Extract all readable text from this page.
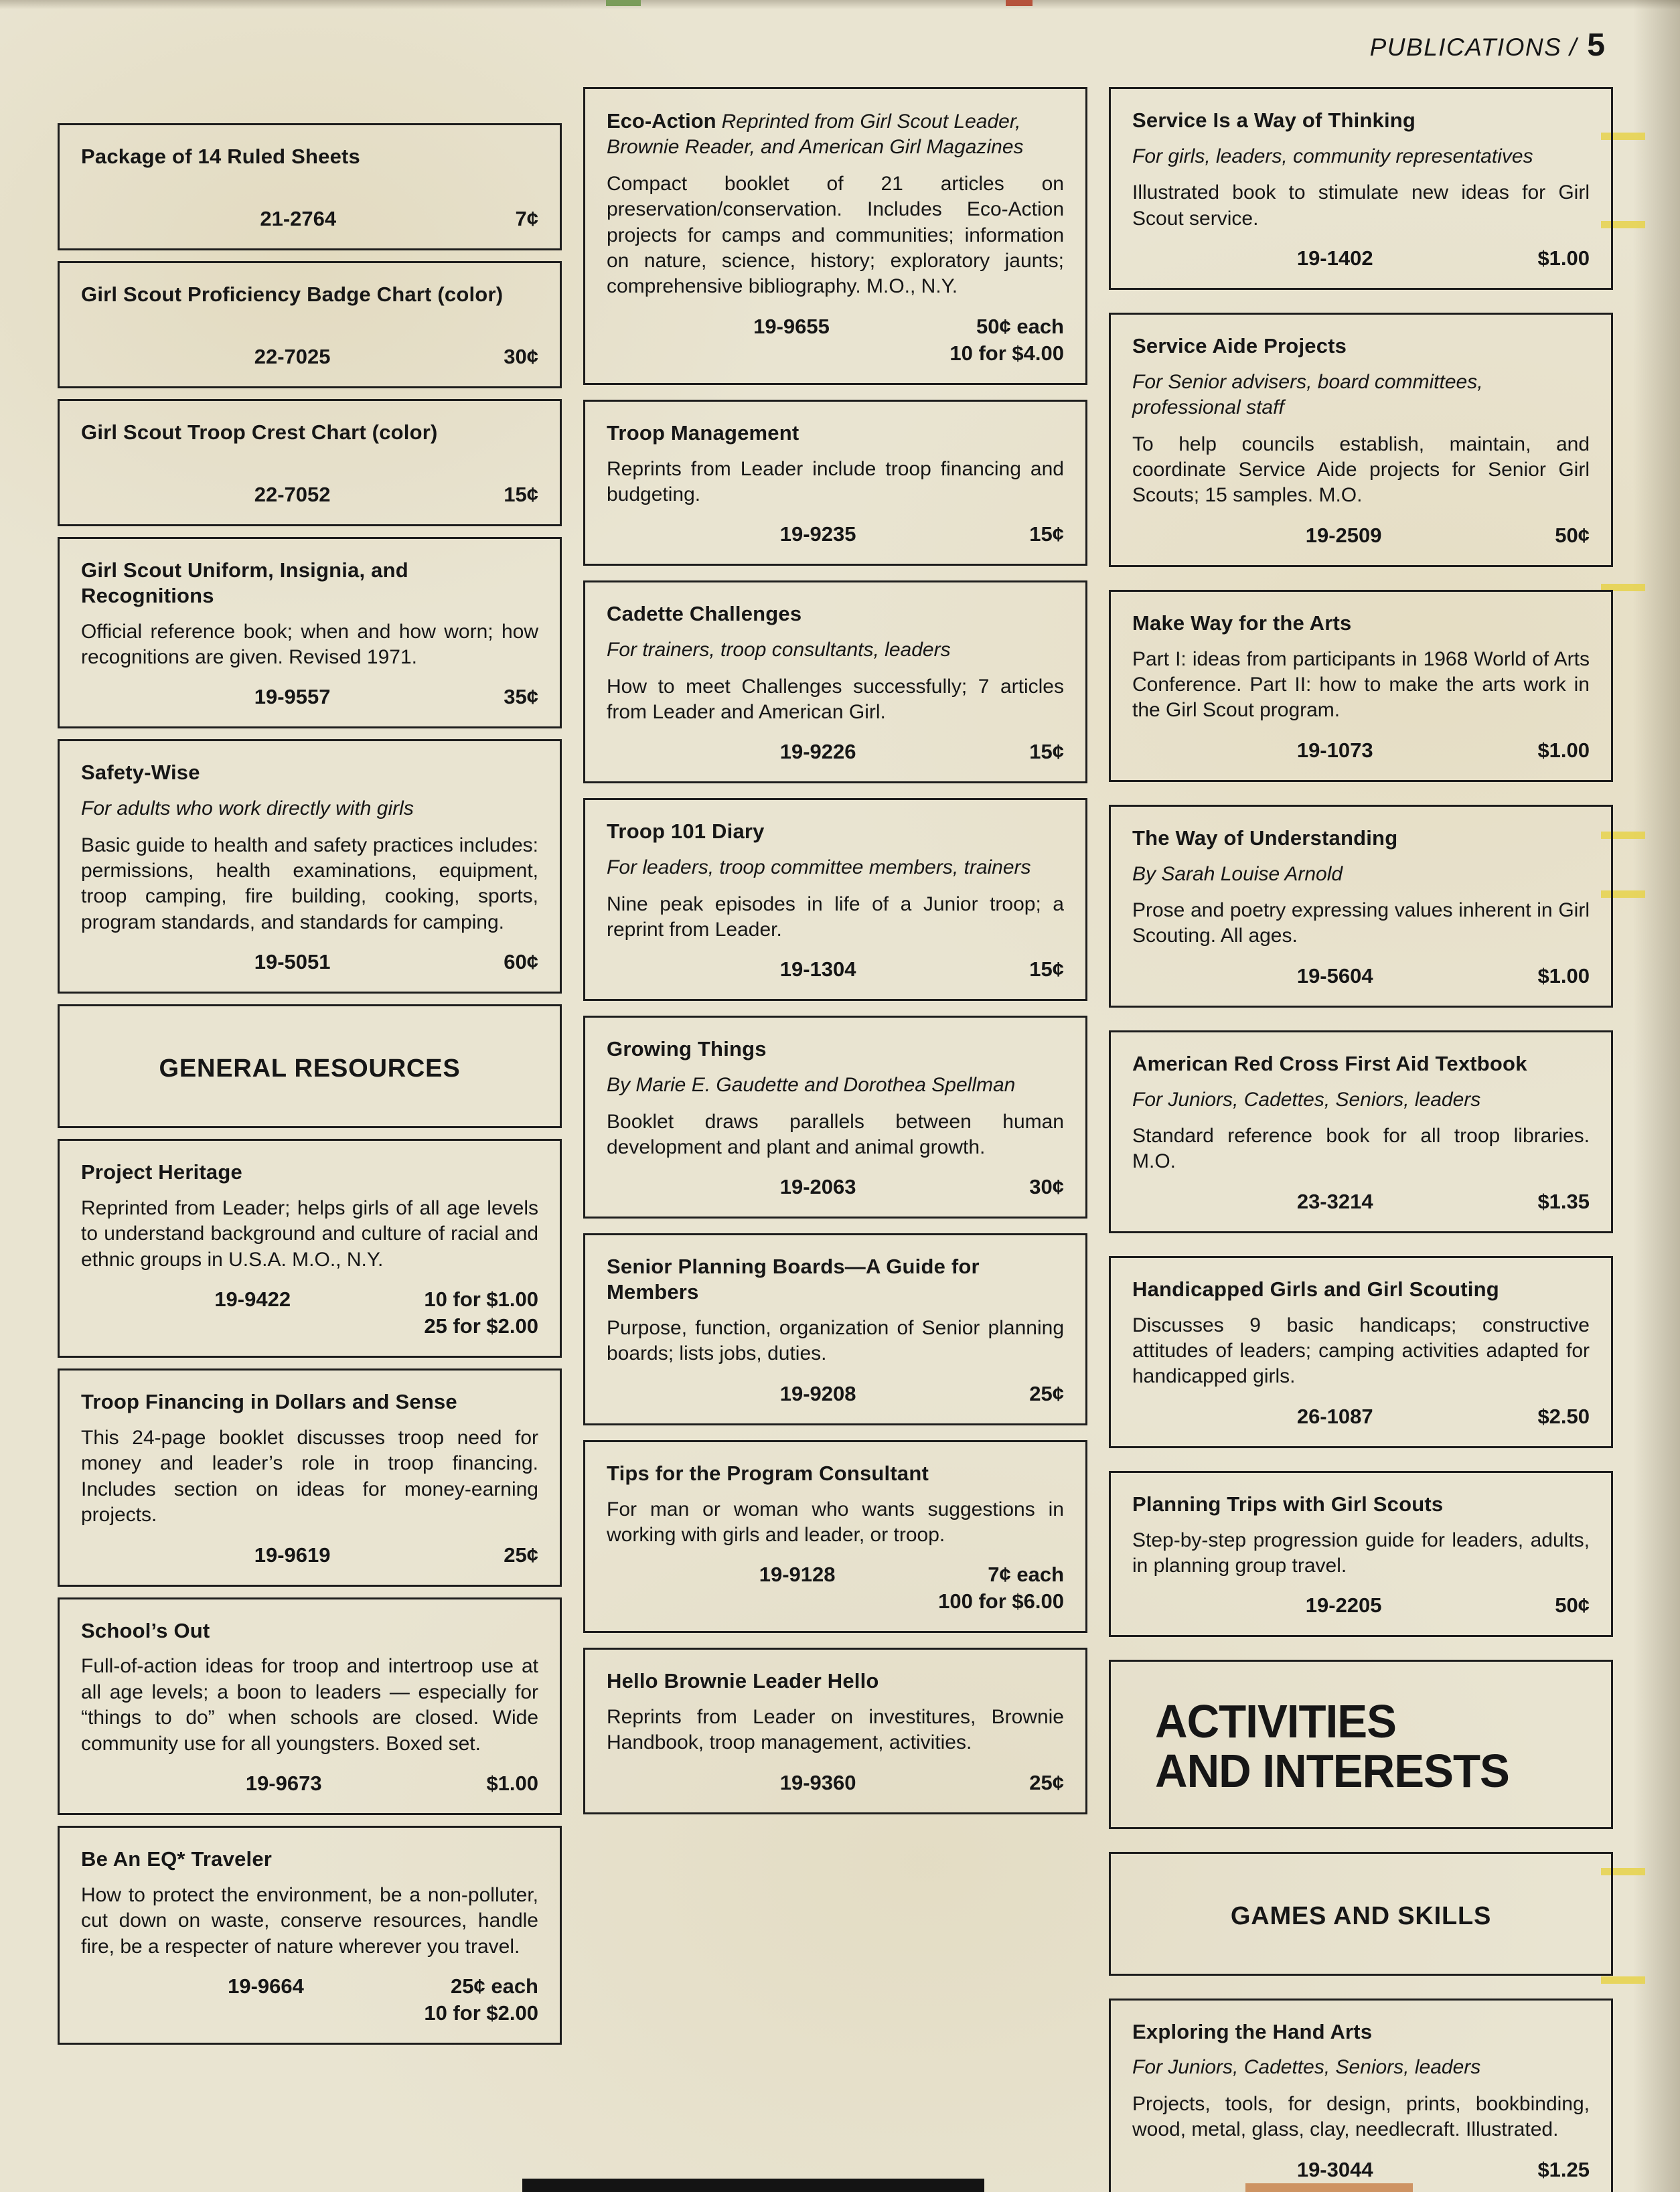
PUBLICATIONS / 5
Package of 14 Ruled Sheets
21-2764	7¢
Girl Scout Proficiency Badge Chart (color)
22-7025	30¢
Girl Scout Troop Crest Chart (color)
22-7052	15¢
Girl Scout Uniform, Insignia, and Recognitions
Official reference book; when and how worn; how recognitions are given. Revised 1971.
19-9557	35¢
Safety-Wise
For adults who work directly with girls
Basic guide to health and safety practices includes: permissions, health examinations, equipment, troop camping, fire building, cooking, sports, program standards, and standards for camping.
19-5051	60¢
GENERAL RESOURCES
Project Heritage
Reprinted from Leader; helps girls of all age levels to understand background and culture of racial and ethnic groups in U.S.A. M.O., N.Y.
19-9422	10 for $1.00
25 for $2.00
Troop Financing in Dollars and Sense
This 24-page booklet discusses troop need for money and leader’s role in troop financing. Includes section on ideas for money-earning projects.
19-9619	25¢
School’s Out
Full-of-action ideas for troop and intertroop use at all age levels; a boon to leaders — especially for “things to do” when schools are closed. Wide community use for all youngsters. Boxed set.
19-9673	$1.00
Be An EQ* Traveler
How to protect the environment, be a non-polluter, cut down on waste, conserve resources, handle fire, be a respecter of nature wherever you travel.
19-9664	25¢ each
10 for $2.00
Eco-Action Reprinted from Girl Scout Leader, Brownie Reader, and American Girl Magazines
Compact booklet of 21 articles on preservation/conservation. Includes Eco-Action projects for camps and communities; information on nature, science, history; exploratory jaunts; comprehensive bibliography. M.O., N.Y.
19-9655	50¢ each
10 for $4.00
Troop Management
Reprints from Leader include troop financing and budgeting.
19-9235	15¢
Cadette Challenges
For trainers, troop consultants, leaders
How to meet Challenges successfully; 7 articles from Leader and American Girl.
19-9226	15¢
Troop 101 Diary
For leaders, troop committee members, trainers
Nine peak episodes in life of a Junior troop; a reprint from Leader.
19-1304	15¢
Growing Things
By Marie E. Gaudette and Dorothea Spellman
Booklet draws parallels between human development and plant and animal growth.
19-2063	30¢
Senior Planning Boards—A Guide for Members
Purpose, function, organization of Senior planning boards; lists jobs, duties.
19-9208	25¢
Tips for the Program Consultant
For man or woman who wants suggestions in working with girls and leader, or troop.
19-9128	7¢ each
100 for $6.00
Hello Brownie Leader Hello
Reprints from Leader on investitures, Brownie Handbook, troop management, activities.
19-9360	25¢
Service Is a Way of Thinking
For girls, leaders, community representatives
Illustrated book to stimulate new ideas for Girl Scout service.
19-1402	$1.00
Service Aide Projects
For Senior advisers, board committees, professional staff
To help councils establish, maintain, and coordinate Service Aide projects for Senior Girl Scouts; 15 samples. M.O.
19-2509	50¢
Make Way for the Arts
Part I: ideas from participants in 1968 World of Arts Conference. Part II: how to make the arts work in the Girl Scout program.
19-1073	$1.00
The Way of Understanding
By Sarah Louise Arnold
Prose and poetry expressing values inherent in Girl Scouting. All ages.
19-5604	$1.00
American Red Cross First Aid Textbook
For Juniors, Cadettes, Seniors, leaders
Standard reference book for all troop libraries. M.O.
23-3214	$1.35
Handicapped Girls and Girl Scouting
Discusses 9 basic handicaps; constructive attitudes of leaders; camping activities adapted for handicapped girls.
26-1087	$2.50
Planning Trips with Girl Scouts
Step-by-step progression guide for leaders, adults, in planning group travel.
19-2205	50¢
ACTIVITIES
AND INTERESTS
GAMES AND SKILLS
Exploring the Hand Arts
For Juniors, Cadettes, Seniors, leaders
Projects, tools, for design, prints, bookbinding, wood, metal, glass, clay, needlecraft. Illustrated.
19-3044	$1.25
